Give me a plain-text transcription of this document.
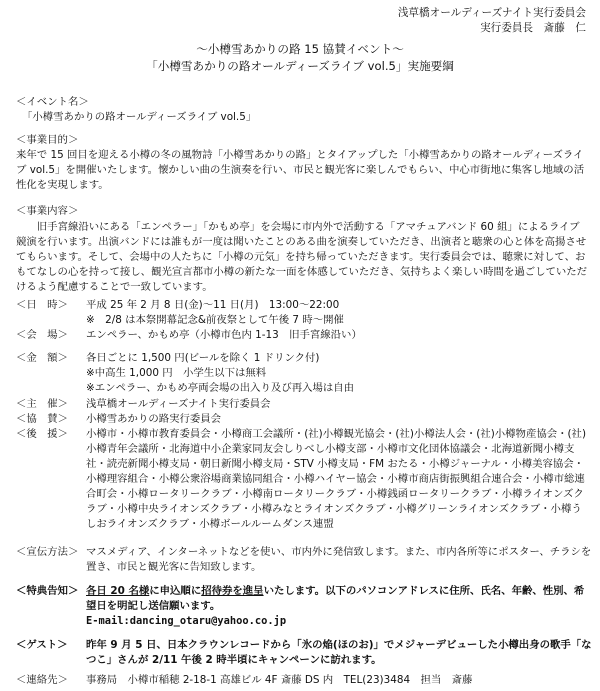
浅草橋オールディーズナイト実行委員会
実行委員長　斎藤　仁
～小樽雪あかりの路 15 協賛イベント～
「小樽雪あかりの路オールディーズライブ vol.5」実施要綱
＜イベント名＞
「小樽雪あかりの路オールディーズライブ vol.5」
＜事業目的＞
来年で 15 回目を迎える小樽の冬の風物詩「小樽雪あかりの路」とタイアップした「小樽雪あかりの路オールディーズライブ vol.5」を開催いたします。懐かしい曲の生演奏を行い、市民と観光客に楽しんでもらい、中心市街地に集客し地域の活性化を実現します。
＜事業内容＞
旧手宮線沿いにある「エンペラー」「かもめ亭」を会場に市内外で活動する「アマチュアバンド 60 組」によるライブ競演を行います。出演バンドには誰もが一度は聞いたことのある曲を演奏していただき、出演者と聴衆の心と体を高揚させてもらいます。そして、会場中の人たちに「小樽の元気」を持ち帰っていただきます。実行委員会では、聴衆に対して、おもてなしの心を持って接し、観光宣言都市小樽の新たな一面を体感していただき、気持ちよく楽しい時間を過ごしていただけるよう配慮することで一致しています。
＜日　時＞	平成 25 年 2 月 8 日(金)～11 日(月)　13:00～22:00
※　2/8 は本祭開幕記念&前夜祭として午後 7 時～開催
＜会　場＞	エンペラー、かもめ亭（小樽市色内 1-13　旧手宮線沿い）
＜金　額＞	各日ごとに 1,500 円(ビールを除く 1 ドリンク付)
※中高生 1,000 円　小学生以下は無料
※エンペラー、かもめ亭両会場の出入り及び再入場は自由
＜主　催＞	浅草橋オールディーズナイト実行委員会
＜協　賛＞	小樽雪あかりの路実行委員会
＜後　援＞	小樽市・小樽市教育委員会・小樽商工会議所・(社)小樽観光協会・(社)小樽法人会・(社)小樽物産協会・(社)小樽青年会議所・北海道中小企業家同友会しりべし小樽支部・小樽市文化団体協議会・北海道新聞小樽支社・読売新聞小樽支局・朝日新聞小樽支局・STV 小樽支局・FM おたる・小樽ジャーナル・小樽美容協会・小樽理容組合・小樽公衆浴場商業協同組合・小樽ハイヤー協会・小樽市商店街振興組合連合会・小樽市総連合町会・小樽ロータリークラブ・小樽南ロータリークラブ・小樽銭函ロータリークラブ・小樽ライオンズクラブ・小樽中央ライオンズクラブ・小樽みなとライオンズクラブ・小樽グリーンライオンズクラブ・小樽うしおライオンズクラブ・小樽ボールルームダンス連盟
＜宣伝方法＞ マスメディア、インターネットなどを使い、市内外に発信致します。また、市内各所等にポスター、チラシを置き、市民と観光客に告知致します。
＜特典告知＞ 各日 20 名様に申込順に招待券を進呈いたします。以下のパソコンアドレスに住所、氏名、年齢、性別、希望日を明記し送信願います。
E-mail:dancing_otaru@yahoo.co.jp
＜ゲスト＞	昨年 9 月 5 日、日本クラウンレコードから「氷の焔(ほのお)」でメジャーデビューした小樽出身の歌手「なつこ」さんが 2/11 午後 2 時半頃にキャンペーンに訪れます。
＜連絡先＞	事務局　小樽市稲穂 2-18-1 高雄ビル 4F 斎藤 DS 内　TEL(23)3484　担当　斎藤
